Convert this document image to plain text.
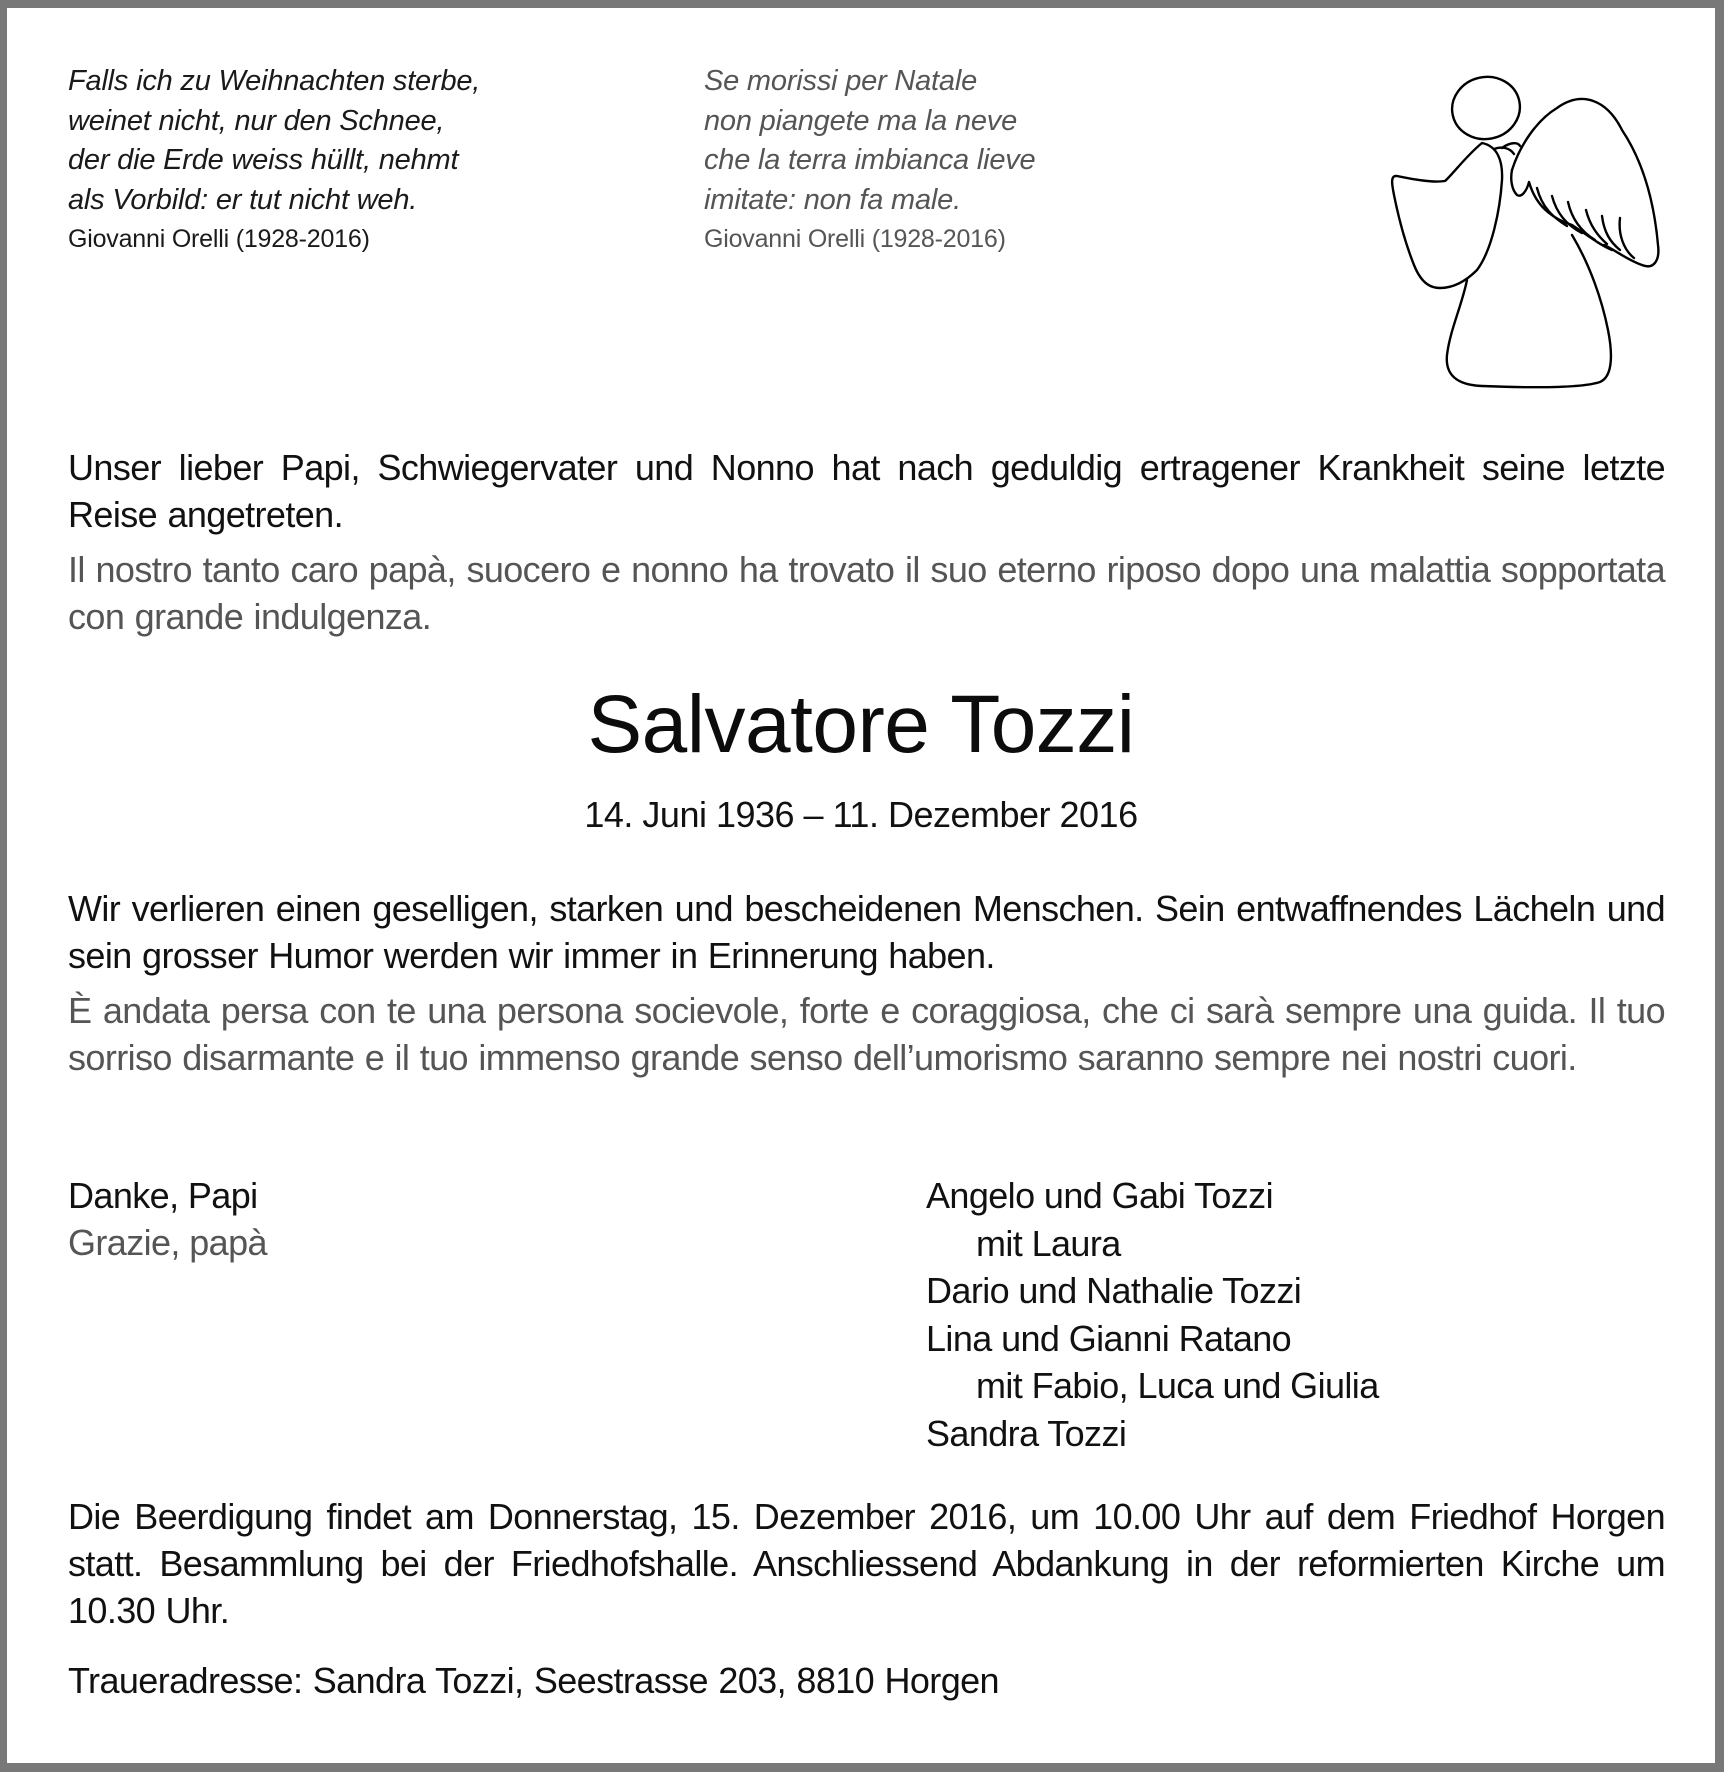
Falls ich zu Weihnachten sterbe,
weinet nicht, nur den Schnee,
der die Erde weiss hüllt, nehmt
als Vorbild: er tut nicht weh.
Giovanni Orelli (1928-2016)
Se morissi per Natale
non piangete ma la neve
che la terra imbianca lieve
imitate: non fa male.
Giovanni Orelli (1928-2016)
Unser lieber Papi, Schwiegervater und Nonno hat nach geduldig ertragener Krankheit seine letzte Reise angetreten.
Il nostro tanto caro papà, suocero e nonno ha trovato il suo eterno riposo dopo una malattia sopportata con grande indulgenza.
Salvatore Tozzi
14. Juni 1936 – 11. Dezember 2016
Wir verlieren einen geselligen, starken und bescheidenen Menschen. Sein entwaffnendes Lächeln und sein grosser Humor werden wir immer in Erinnerung haben.
È andata persa con te una persona socievole, forte e coraggiosa, che ci sarà sempre una guida. Il tuo sorriso disarmante e il tuo immenso grande senso dell’umorismo saranno sempre nei nostri cuori.
Danke, Papi
Grazie, papà
Angelo und Gabi Tozzi
mit Laura
Dario und Nathalie Tozzi
Lina und Gianni Ratano
mit Fabio, Luca und Giulia
Sandra Tozzi
Die Beerdigung findet am Donnerstag, 15. Dezember 2016, um 10.00 Uhr auf dem Friedhof Horgen statt. Besammlung bei der Friedhofshalle. Anschliessend Abdankung in der reformierten Kirche um 10.30 Uhr.
Traueradresse: Sandra Tozzi, Seestrasse 203, 8810 Horgen
